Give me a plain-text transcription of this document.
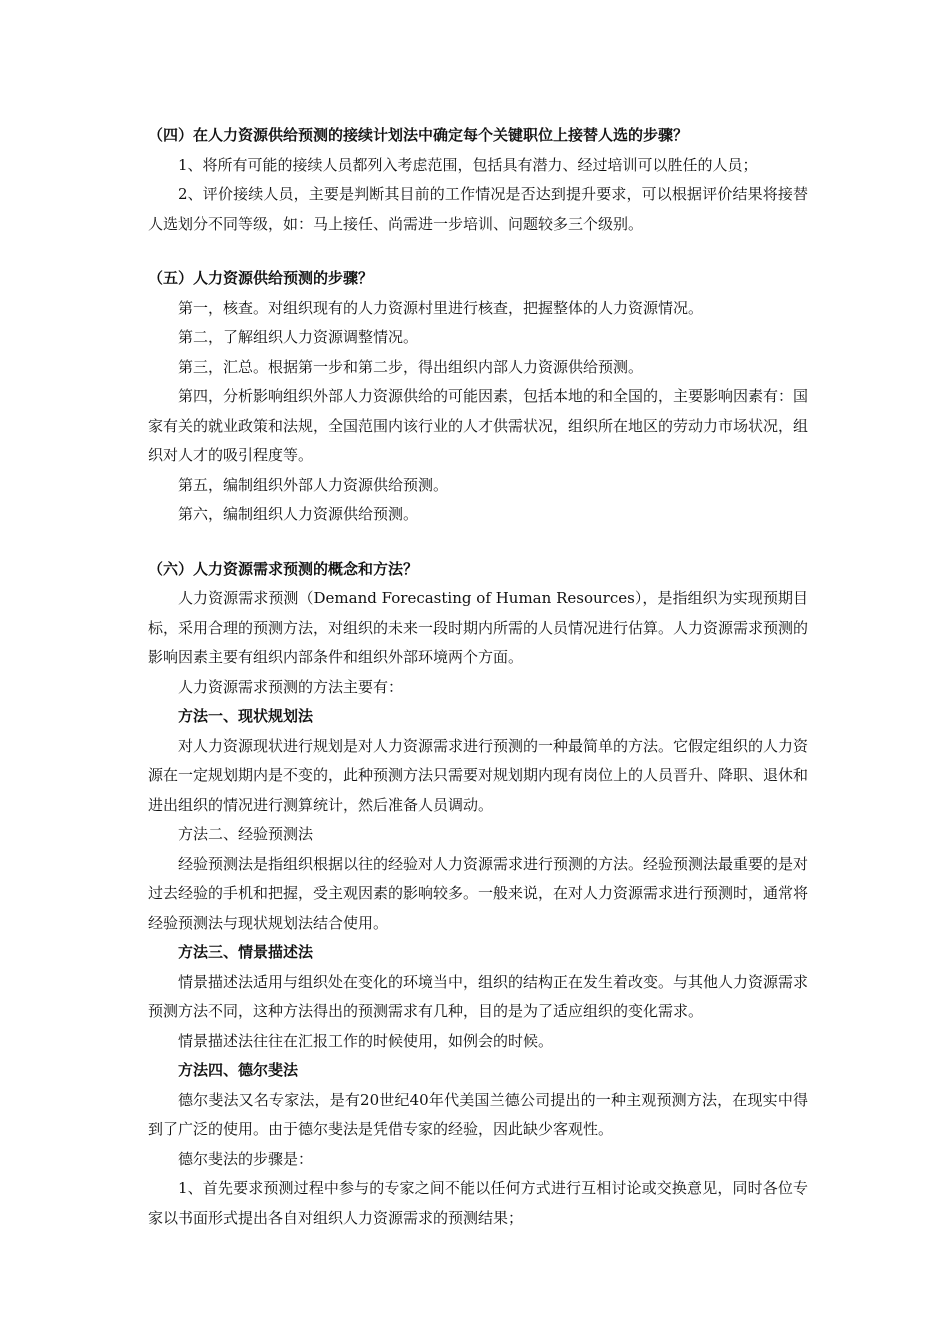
（四）在人力资源供给预测的接续计划法中确定每个关键职位上接替人选的步骤？

1、将所有可能的接续人员都列入考虑范围，包括具有潜力、经过培训可以胜任的人员；

2、评价接续人员，主要是判断其目前的工作情况是否达到提升要求，可以根据评价结果将接替人选划分不同等级，如：马上接任、尚需进一步培训、问题较多三个级别。

（五）人力资源供给预测的步骤？

第一，核查。对组织现有的人力资源村里进行核查，把握整体的人力资源情况。

第二，了解组织人力资源调整情况。

第三，汇总。根据第一步和第二步，得出组织内部人力资源供给预测。

第四，分析影响组织外部人力资源供给的可能因素，包括本地的和全国的，主要影响因素有：国家有关的就业政策和法规，全国范围内该行业的人才供需状况，组织所在地区的劳动力市场状况，组织对人才的吸引程度等。

第五，编制组织外部人力资源供给预测。

第六，编制组织人力资源供给预测。

（六）人力资源需求预测的概念和方法？

人力资源需求预测（Demand Forecasting of Human Resources），是指组织为实现预期目标，采用合理的预测方法，对组织的未来一段时期内所需的人员情况进行估算。人力资源需求预测的影响因素主要有组织内部条件和组织外部环境两个方面。

人力资源需求预测的方法主要有：

方法一、现状规划法

对人力资源现状进行规划是对人力资源需求进行预测的一种最简单的方法。它假定组织的人力资源在一定规划期内是不变的，此种预测方法只需要对规划期内现有岗位上的人员晋升、降职、退休和进出组织的情况进行测算统计，然后准备人员调动。

方法二、经验预测法

经验预测法是指组织根据以往的经验对人力资源需求进行预测的方法。经验预测法最重要的是对过去经验的手机和把握，受主观因素的影响较多。一般来说，在对人力资源需求进行预测时，通常将经验预测法与现状规划法结合使用。

方法三、情景描述法

情景描述法适用与组织处在变化的环境当中，组织的结构正在发生着改变。与其他人力资源需求预测方法不同，这种方法得出的预测需求有几种，目的是为了适应组织的变化需求。

情景描述法往往在汇报工作的时候使用，如例会的时候。

方法四、德尔斐法

德尔斐法又名专家法，是有20世纪40年代美国兰德公司提出的一种主观预测方法，在现实中得到了广泛的使用。由于德尔斐法是凭借专家的经验，因此缺少客观性。

德尔斐法的步骤是：

1、首先要求预测过程中参与的专家之间不能以任何方式进行互相讨论或交换意见，同时各位专家以书面形式提出各自对组织人力资源需求的预测结果；
